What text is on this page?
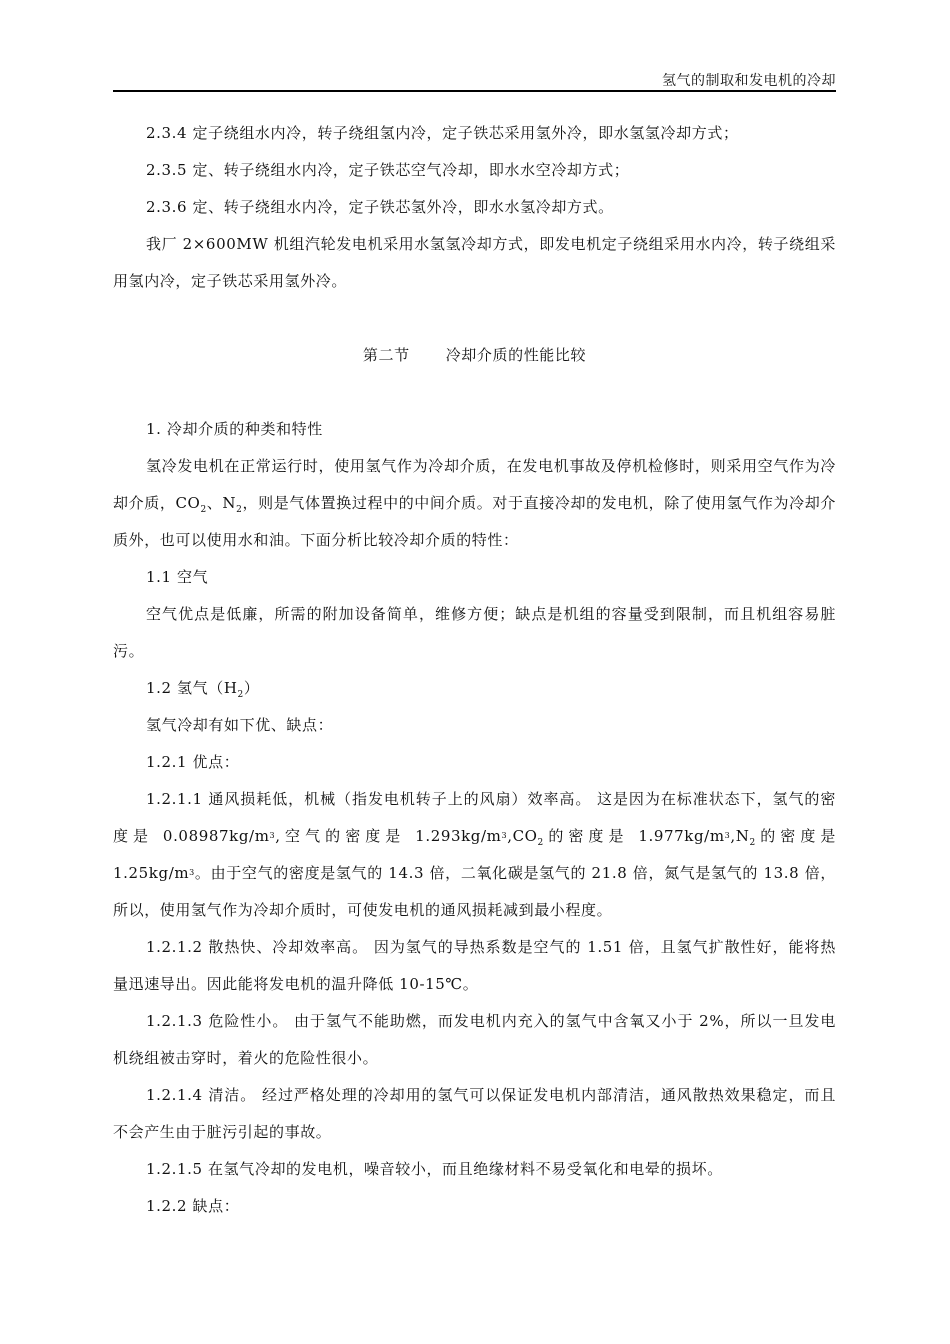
氢气的制取和发电机的冷却

2.3.4 定子绕组水内冷，转子绕组氢内冷，定子铁芯采用氢外冷，即水氢氢冷却方式；

2.3.5 定、转子绕组水内冷，定子铁芯空气冷却，即水水空冷却方式；

2.3.6 定、转子绕组水内冷，定子铁芯氢外冷，即水水氢冷却方式。

我厂 2×600MW 机组汽轮发电机采用水氢氢冷却方式，即发电机定子绕组采用水内冷，转子绕组采用氢内冷，定子铁芯采用氢外冷。

第二节 冷却介质的性能比较

1. 冷却介质的种类和特性

氢冷发电机在正常运行时，使用氢气作为冷却介质，在发电机事故及停机检修时，则采用空气作为冷却介质，$CO_2$、$N_2$，则是气体置换过程中的中间介质。对于直接冷却的发电机，除了使用氢气作为冷却介质外，也可以使用水和油。下面分析比较冷却介质的特性：

1.1 空气

空气优点是低廉，所需的附加设备简单，维修方便；缺点是机组的容量受到限制，而且机组容易脏污。

1.2 氢气$(H_2)$

氢气冷却有如下优、缺点：

1.2.1 优点：

1.2.1.1 通风损耗低，机械（指发电机转子上的风扇）效率高。 这是因为在标准状态下，氢气的密度是 $0.08987kg/m^3$,空气的密度是 $1.293kg/m^3,CO_2$的密度是 $1.977kg/m^3,N_2$的密度是 $1.25kg/m^3$。由于空气的密度是氢气的 14.3 倍，二氧化碳是氢气的 21.8 倍，氮气是氢气的 13.8 倍，所以，使用氢气作为冷却介质时，可使发电机的通风损耗减到最小程度。

1.2.1.2 散热快、冷却效率高。 因为氢气的导热系数是空气的 1.51 倍，且氢气扩散性好，能将热量迅速导出。因此能将发电机的温升降低 10-15℃。

1.2.1.3 危险性小。 由于氢气不能助燃，而发电机内充入的氢气中含氧又小于 2%，所以一旦发电机绕组被击穿时，着火的危险性很小。

1.2.1.4 清洁。 经过严格处理的冷却用的氢气可以保证发电机内部清洁，通风散热效果稳定，而且不会产生由于脏污引起的事故。

1.2.1.5 在氢气冷却的发电机，噪音较小，而且绝缘材料不易受氧化和电晕的损坏。

1.2.2 缺点：
